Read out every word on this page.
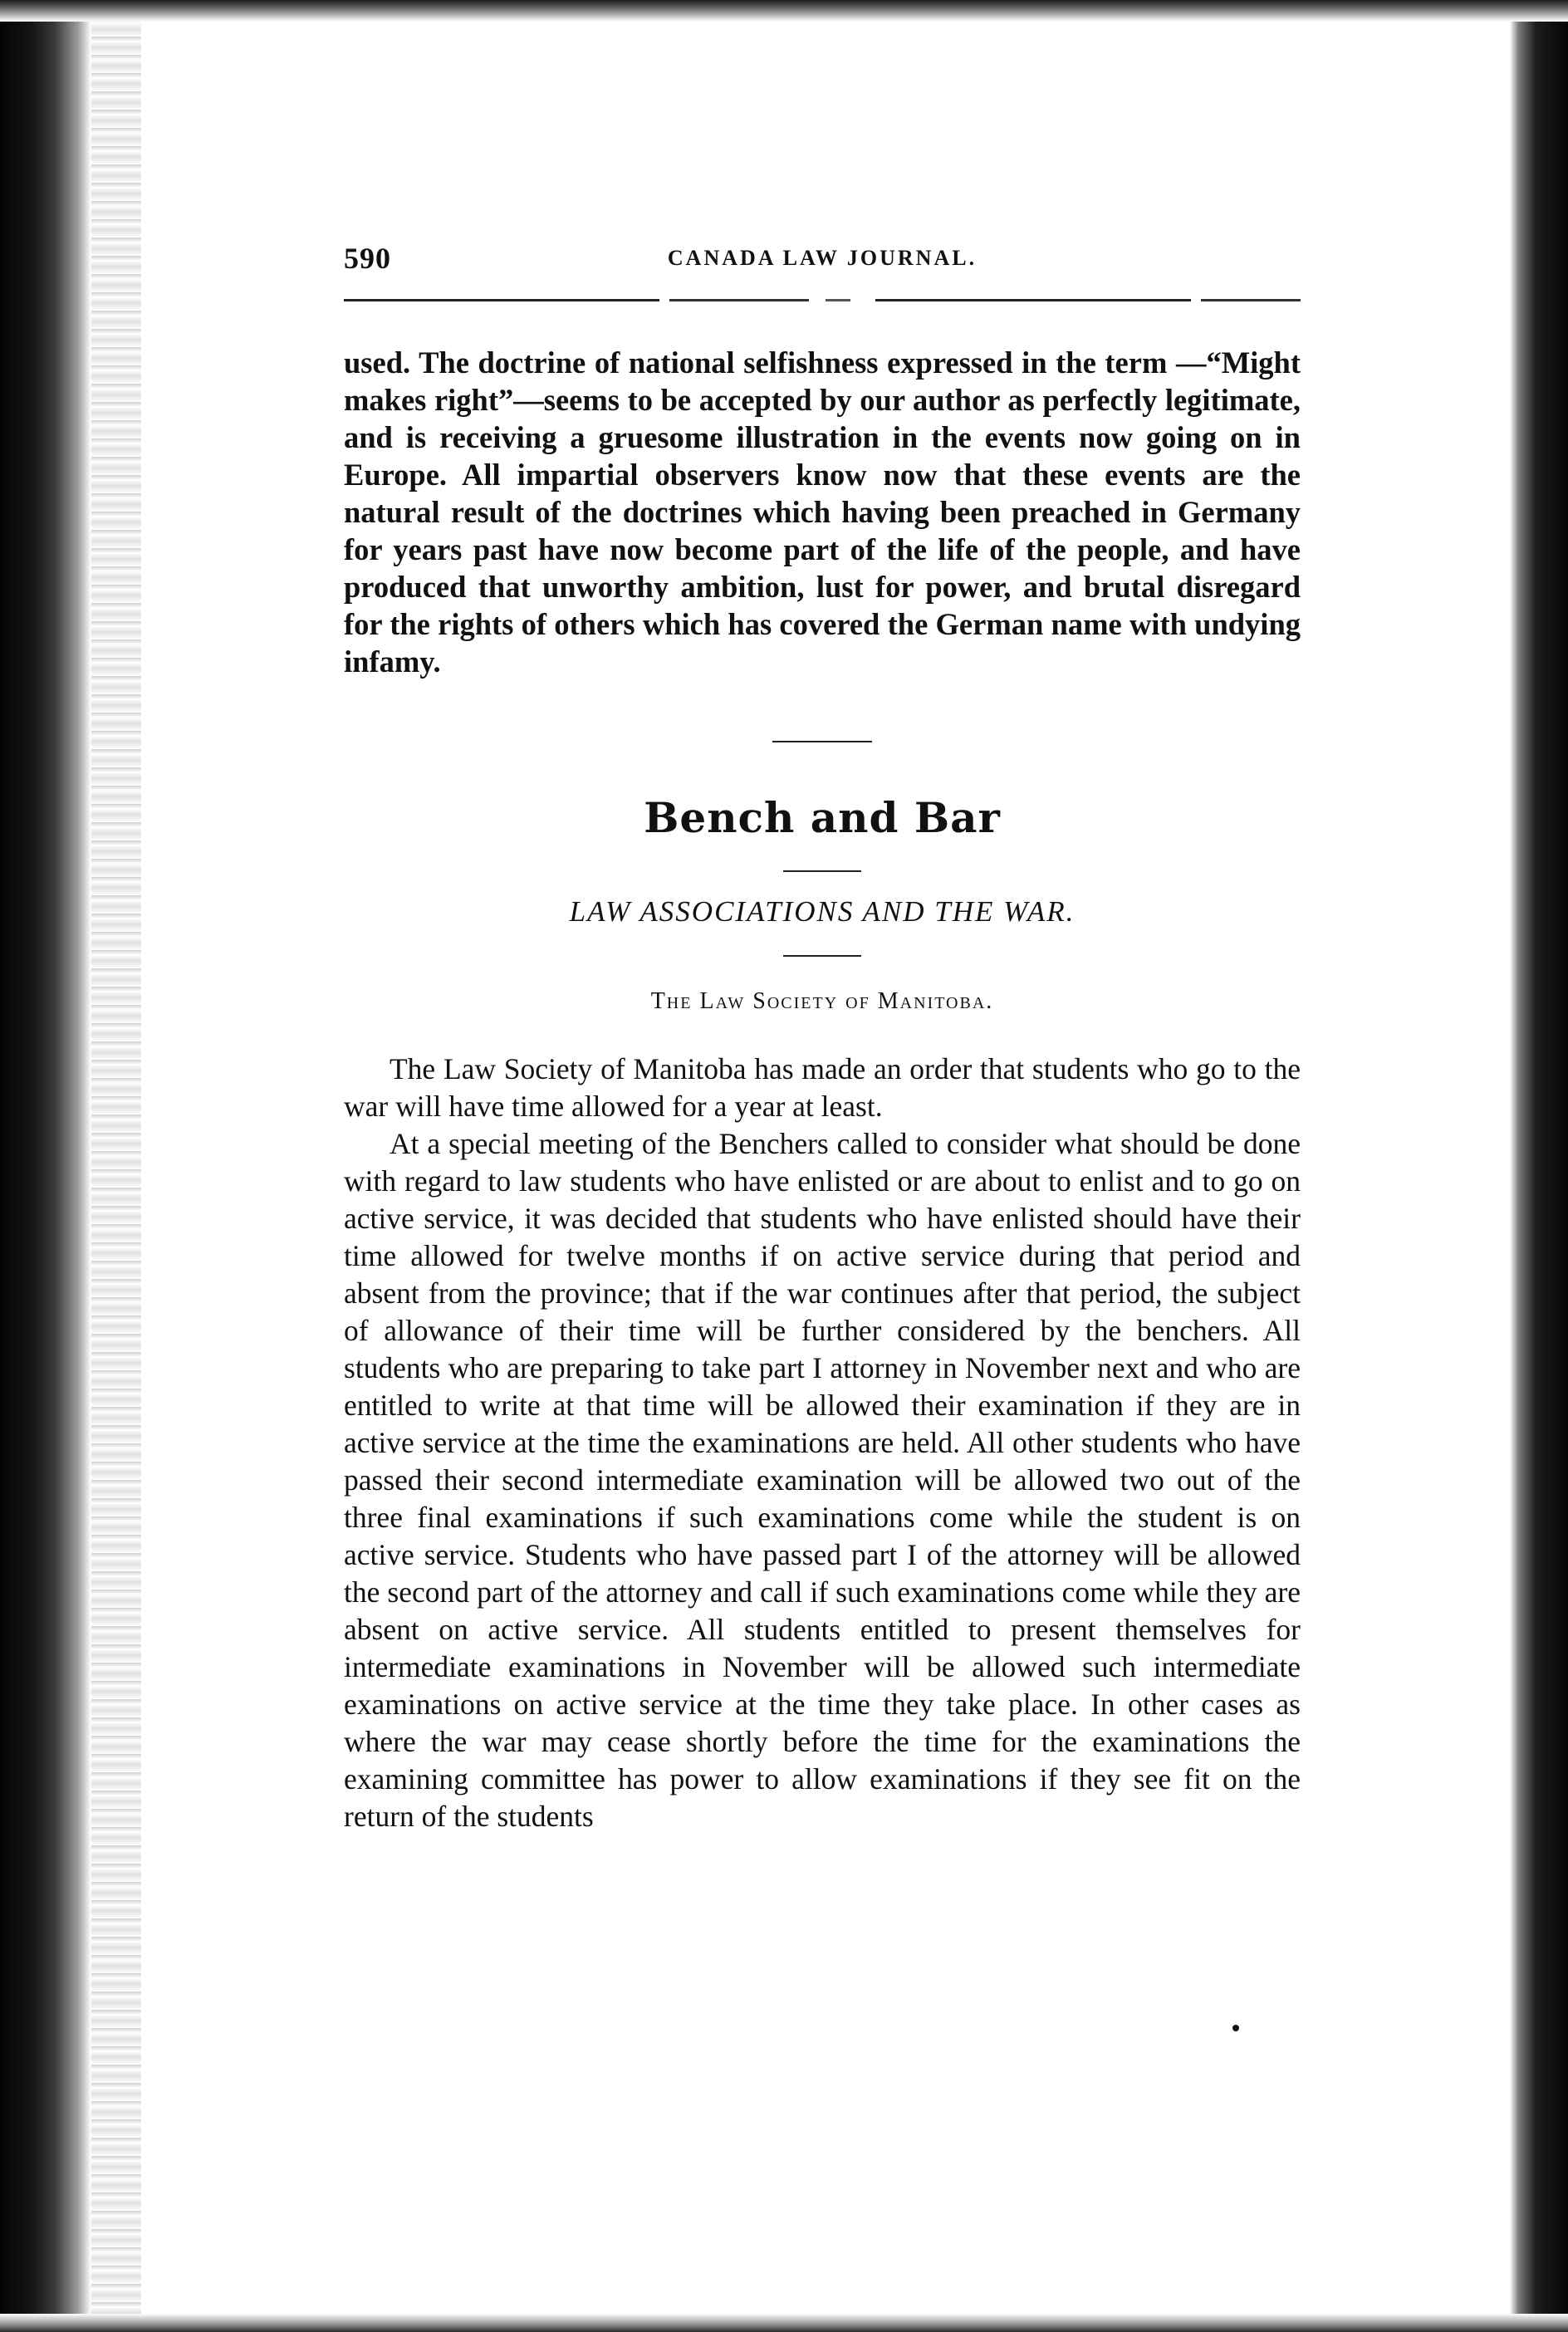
590	CANADA LAW JOURNAL.

used. The doctrine of national selfishness expressed in the term —“Might makes right”—seems to be accepted by our author as perfectly legitimate, and is receiving a gruesome illustration in the events now going on in Europe. All impartial observers know now that these events are the natural result of the doctrines which having been preached in Germany for years past have now become part of the life of the people, and have produced that unworthy ambition, lust for power, and brutal disregard for the rights of others which has covered the German name with undying infamy.

Bench and Bar
LAW ASSOCIATIONS AND THE WAR.
The Law Society of Manitoba.

The Law Society of Manitoba has made an order that students who go to the war will have time allowed for a year at least.

At a special meeting of the Benchers called to consider what should be done with regard to law students who have enlisted or are about to enlist and to go on active service, it was decided that students who have enlisted should have their time allowed for twelve months if on active service during that period and absent from the province; that if the war continues after that period, the subject of allowance of their time will be further considered by the benchers. All students who are preparing to take part I attorney in November next and who are entitled to write at that time will be allowed their examination if they are in active service at the time the examinations are held. All other students who have passed their second intermediate examination will be allowed two out of the three final examinations if such examinations come while the student is on active service. Students who have passed part I of the attorney will be allowed the second part of the attorney and call if such examinations come while they are absent on active service. All students entitled to present themselves for intermediate examinations in November will be allowed such intermediate examinations on active service at the time they take place. In other cases as where the war may cease shortly before the time for the examinations the examining committee has power to allow examinations if they see fit on the return of the students
